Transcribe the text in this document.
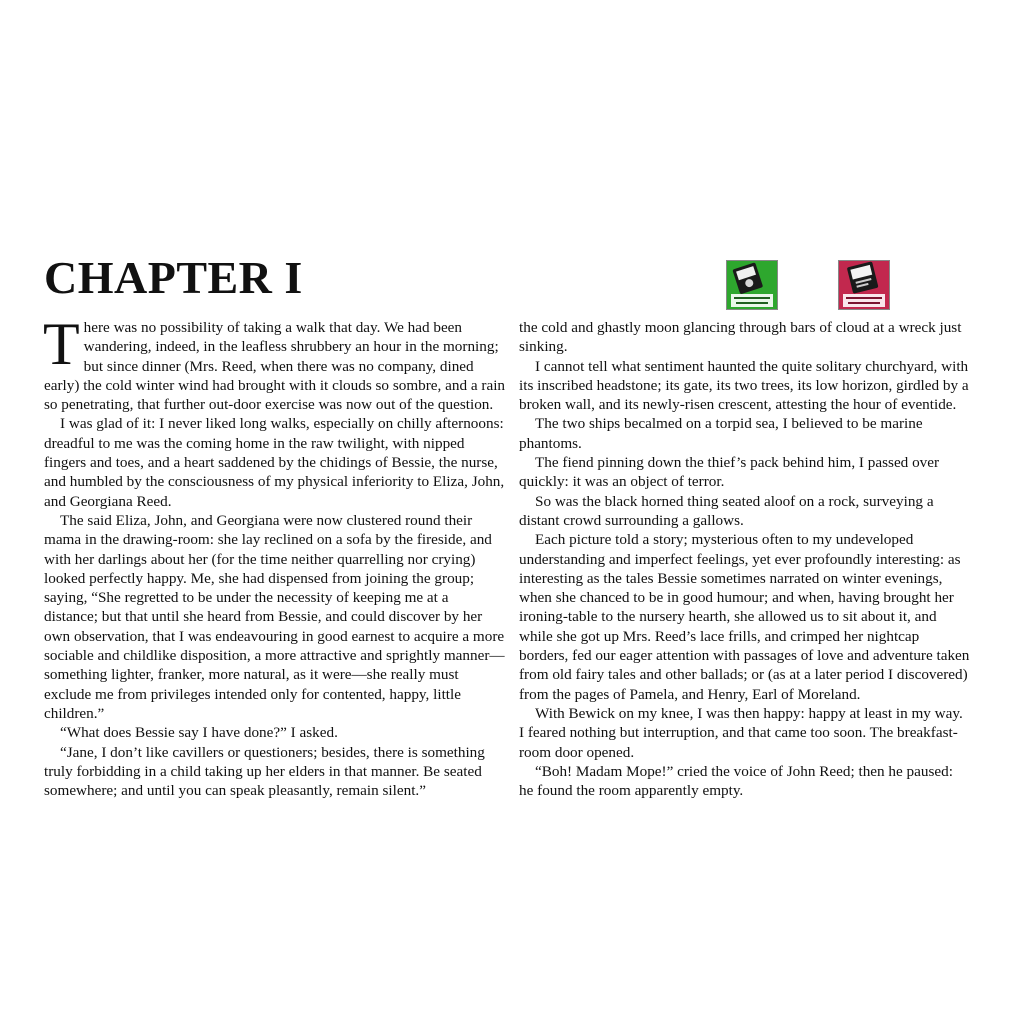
CHAPTER I

There was no possibility of taking a walk that day. We had been wandering, indeed, in the leafless shrubbery an hour in the morning; but since dinner (Mrs. Reed, when there was no company, dined early) the cold winter wind had brought with it clouds so sombre, and a rain so penetrating, that further out-door exercise was now out of the question.

I was glad of it: I never liked long walks, especially on chilly afternoons: dreadful to me was the coming home in the raw twilight, with nipped fingers and toes, and a heart saddened by the chidings of Bessie, the nurse, and humbled by the consciousness of my physical inferiority to Eliza, John, and Georgiana Reed.

The said Eliza, John, and Georgiana were now clustered round their mama in the drawing-room: she lay reclined on a sofa by the fireside, and with her darlings about her (for the time neither quarrelling nor crying) looked perfectly happy. Me, she had dispensed from joining the group; saying, “She regretted to be under the necessity of keeping me at a distance; but that until she heard from Bessie, and could discover by her own observation, that I was endeavouring in good earnest to acquire a more sociable and childlike disposition, a more attractive and sprightly manner—something lighter, franker, more natural, as it were—she really must exclude me from privileges intended only for contented, happy, little children.”

“What does Bessie say I have done?” I asked.

“Jane, I don’t like cavillers or questioners; besides, there is something truly forbidding in a child taking up her elders in that manner. Be seated somewhere; and until you can speak pleasantly, remain silent.”

the cold and ghastly moon glancing through bars of cloud at a wreck just sinking.

I cannot tell what sentiment haunted the quite solitary churchyard, with its inscribed headstone; its gate, its two trees, its low horizon, girdled by a broken wall, and its newly-risen crescent, attesting the hour of eventide.

The two ships becalmed on a torpid sea, I believed to be marine phantoms.

The fiend pinning down the thief’s pack behind him, I passed over quickly: it was an object of terror.

So was the black horned thing seated aloof on a rock, surveying a distant crowd surrounding a gallows.

Each picture told a story; mysterious often to my undeveloped understanding and imperfect feelings, yet ever profoundly interesting: as interesting as the tales Bessie sometimes narrated on winter evenings, when she chanced to be in good humour; and when, having brought her ironing-table to the nursery hearth, she allowed us to sit about it, and while she got up Mrs. Reed’s lace frills, and crimped her nightcap borders, fed our eager attention with passages of love and adventure taken from old fairy tales and other ballads; or (as at a later period I discovered) from the pages of Pamela, and Henry, Earl of Moreland.

With Bewick on my knee, I was then happy: happy at least in my way. I feared nothing but interruption, and that came too soon. The breakfast-room door opened.

“Boh! Madam Mope!” cried the voice of John Reed; then he paused: he found the room apparently empty.
